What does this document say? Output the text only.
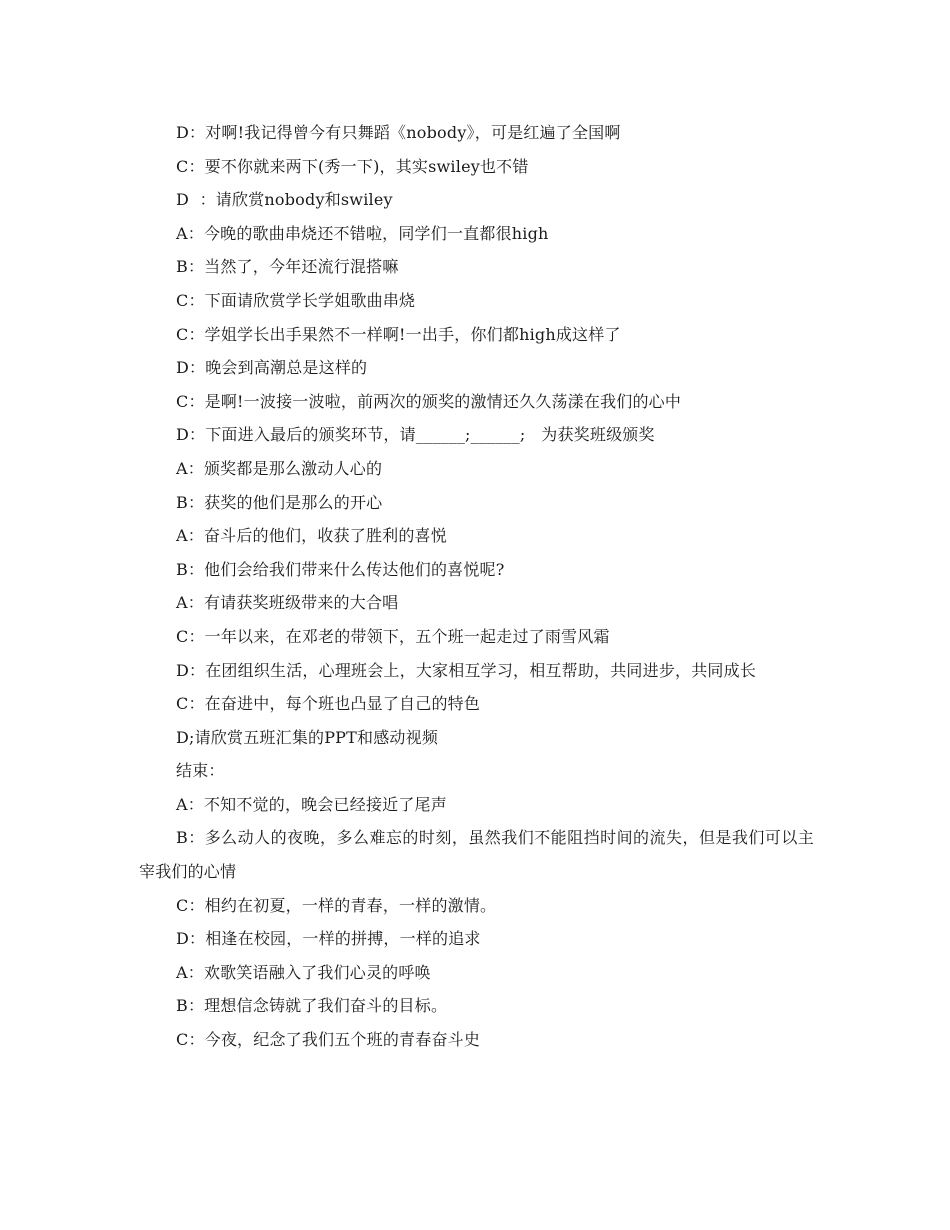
D：对啊!我记得曾今有只舞蹈《nobody》，可是红遍了全国啊
C：要不你就来两下(秀一下)，其实swiley也不错
D  ：请欣赏nobody和swiley
A：今晚的歌曲串烧还不错啦，同学们一直都很high
B：当然了，今年还流行混搭嘛
C：下面请欣赏学长学姐歌曲串烧
C：学姐学长出手果然不一样啊!一出手，你们都high成这样了
D：晚会到高潮总是这样的
C：是啊!一波接一波啦，前两次的颁奖的激情还久久荡漾在我们的心中
D：下面进入最后的颁奖环节，请______;______;   为获奖班级颁奖
A：颁奖都是那么激动人心的
B：获奖的他们是那么的开心
A：奋斗后的他们，收获了胜利的喜悦
B：他们会给我们带来什么传达他们的喜悦呢?
A：有请获奖班级带来的大合唱
C：一年以来，在邓老的带领下，五个班一起走过了雨雪风霜
D：在团组织生活，心理班会上，大家相互学习，相互帮助，共同进步，共同成长
C：在奋进中，每个班也凸显了自己的特色
D;请欣赏五班汇集的PPT和感动视频
结束：
A：不知不觉的，晚会已经接近了尾声
B：多么动人的夜晚，多么难忘的时刻，虽然我们不能阻挡时间的流失，但是我们可以主宰我们的心情
C：相约在初夏，一样的青春，一样的激情。
D：相逢在校园，一样的拼搏，一样的追求
A：欢歌笑语融入了我们心灵的呼唤
B：理想信念铸就了我们奋斗的目标。
C：今夜，纪念了我们五个班的青春奋斗史
